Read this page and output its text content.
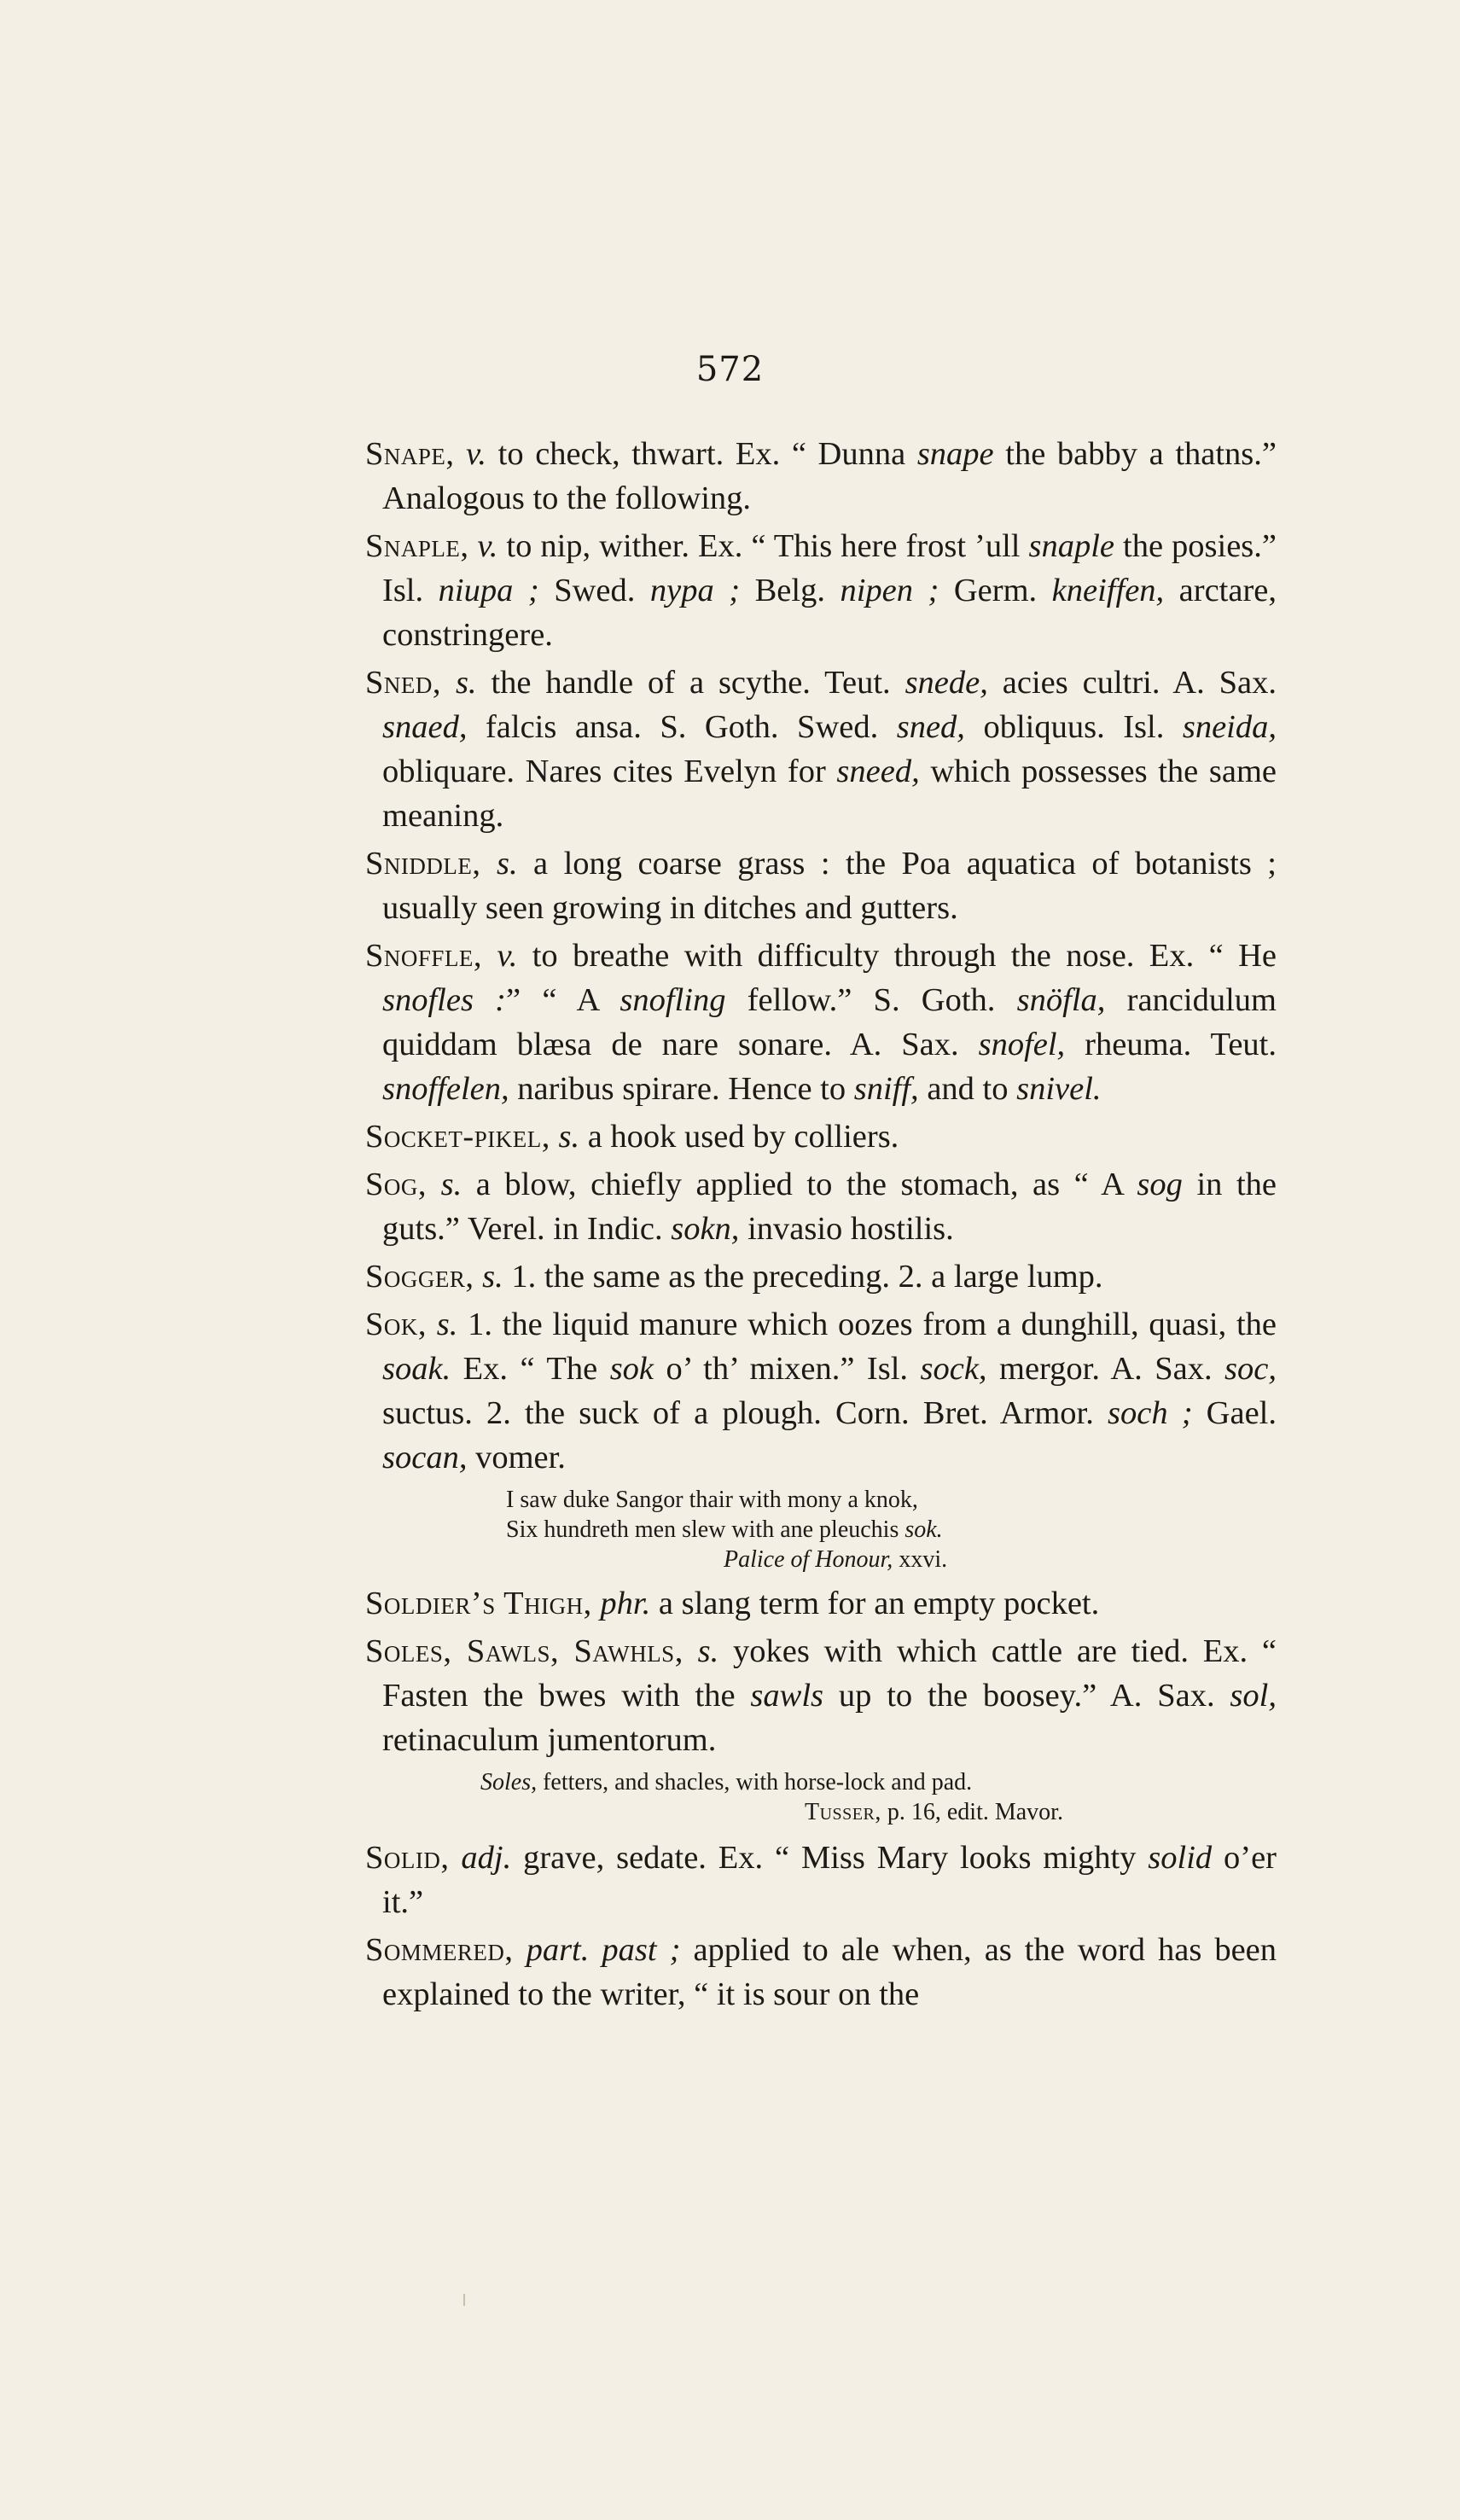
572

Snape, v. to check, thwart. Ex. “ Dunna snape the babby a thatns.” Analogous to the following.

Snaple, v. to nip, wither. Ex. “ This here frost ’ull snaple the posies.” Isl. niupa ; Swed. nypa ; Belg. nipen ; Germ. kneiffen, arctare, constringere.

Sned, s. the handle of a scythe. Teut. snede, acies cultri. A. Sax. snaed, falcis ansa. S. Goth. Swed. sned, obliquus. Isl. sneida, obliquare. Nares cites Evelyn for sneed, which possesses the same meaning.

Sniddle, s. a long coarse grass : the Poa aquatica of botanists ; usually seen growing in ditches and gutters.

Snoffle, v. to breathe with difficulty through the nose. Ex. “ He snofles :” “ A snofling fellow.” S. Goth. snöfla, rancidulum quiddam blæsa de nare sonare. A. Sax. snofel, rheuma. Teut. snoffelen, naribus spirare. Hence to sniff, and to snivel.

Socket-pikel, s. a hook used by colliers.

Sog, s. a blow, chiefly applied to the stomach, as “ A sog in the guts.” Verel. in Indic. sokn, invasio hostilis.

Sogger, s. 1. the same as the preceding. 2. a large lump.

Sok, s. 1. the liquid manure which oozes from a dunghill, quasi, the soak. Ex. “ The sok o’ th’ mixen.” Isl. sock, mergor. A. Sax. soc, suctus. 2. the suck of a plough. Corn. Bret. Armor. soch ; Gael. socan, vomer.

I saw duke Sangor thair with mony a knok,
Six hundreth men slew with ane pleuchis sok.
Palice of Honour, xxvi.

Soldier’s Thigh, phr. a slang term for an empty pocket.

Soles, Sawls, Sawhls, s. yokes with which cattle are tied. Ex. “ Fasten the bwes with the sawls up to the boosey.” A. Sax. sol, retinaculum jumentorum.

Soles, fetters, and shacles, with horse-lock and pad.
Tusser, p. 16, edit. Mavor.

Solid, adj. grave, sedate. Ex. “ Miss Mary looks mighty solid o’er it.”

Sommered, part. past ; applied to ale when, as the word has been explained to the writer, “ it is sour on the
